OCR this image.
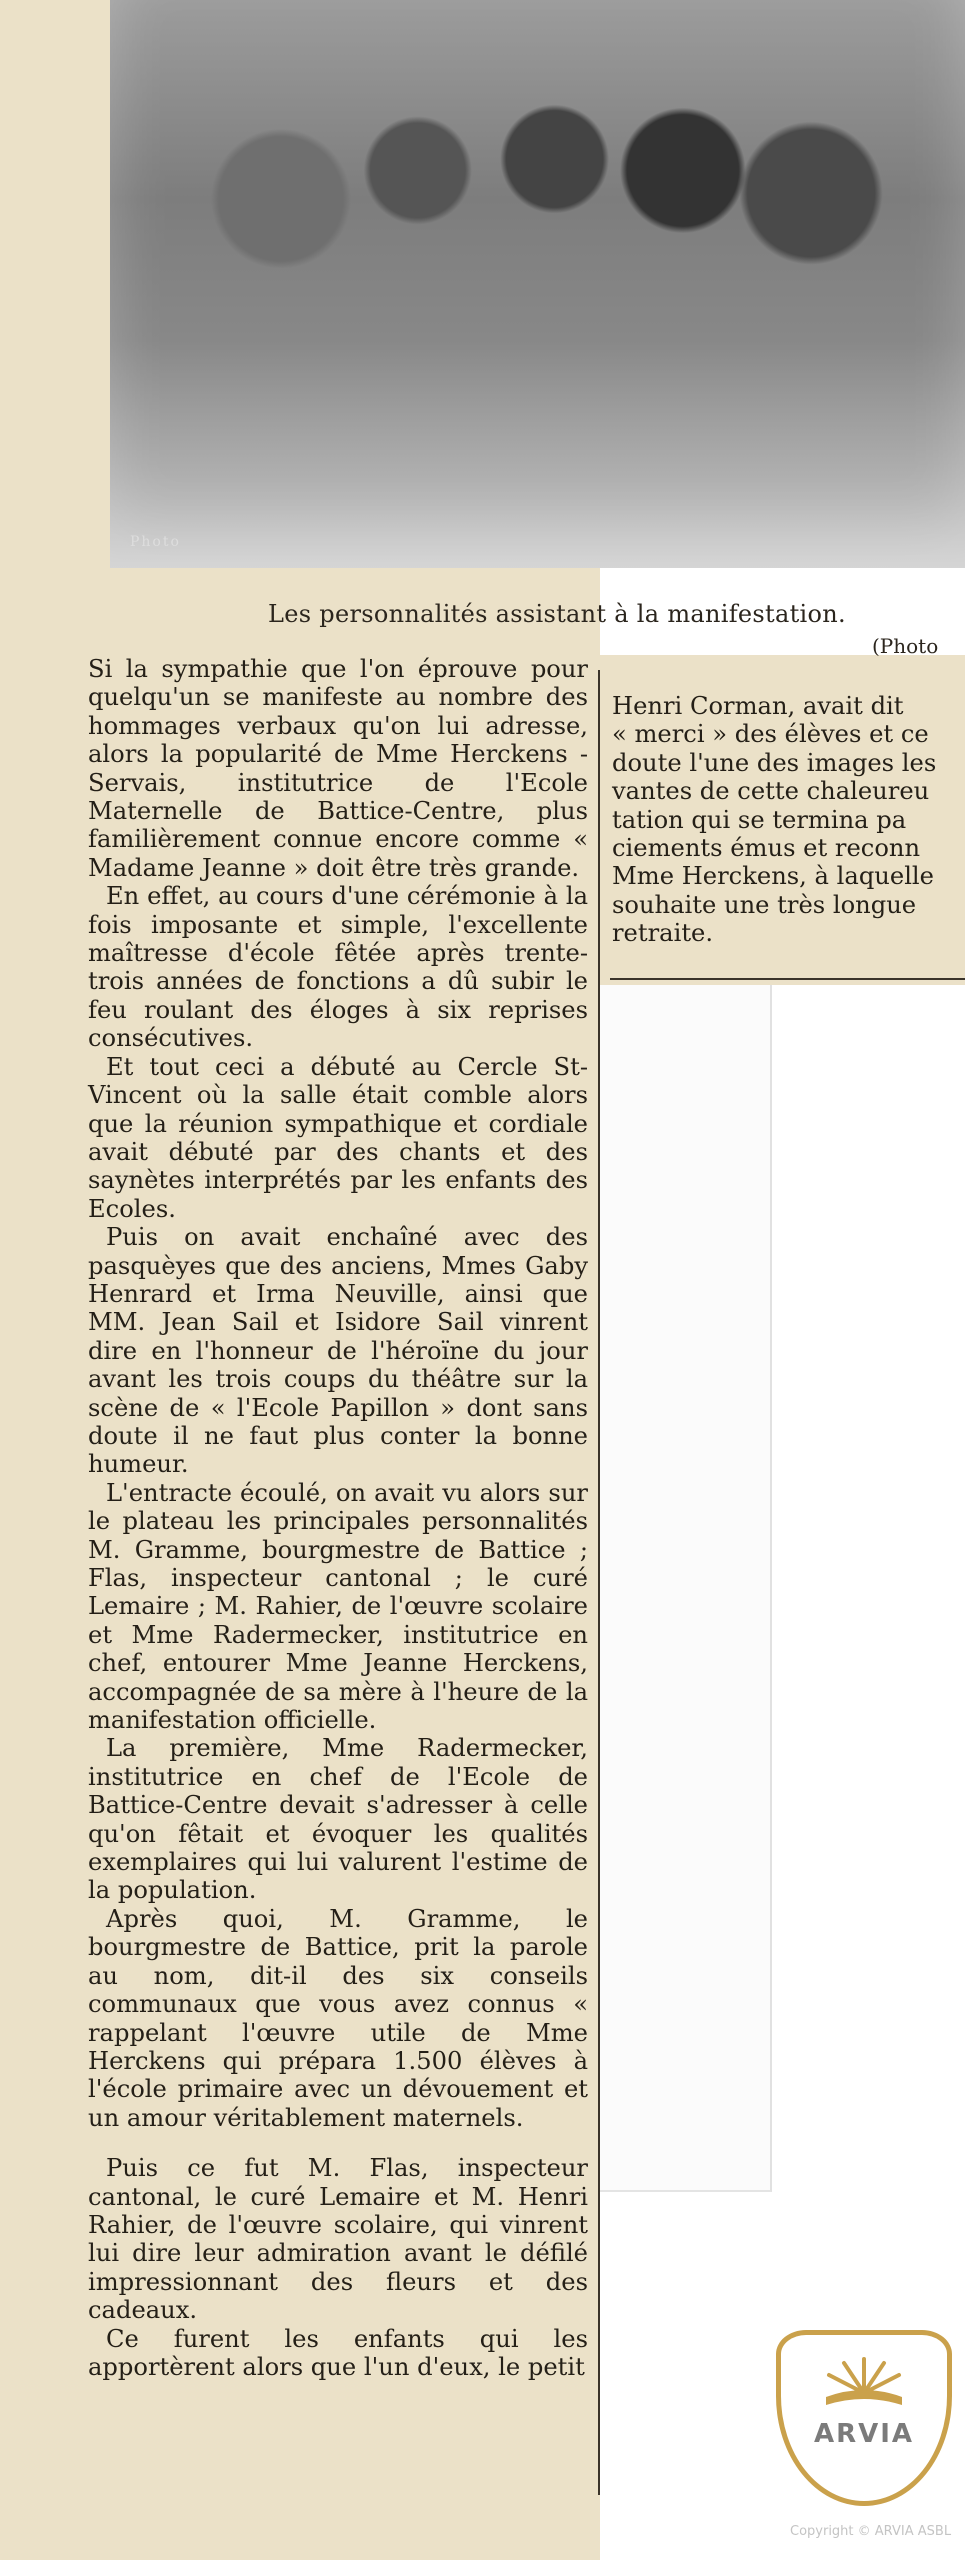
Photo
Les personnalités assistant à la manifestation.
(Photo

Si la sympathie que l'on éprouve pour quelqu'un se manifeste au nombre des hommages verbaux qu'on lui adresse, alors la popularité de Mme Herckens - Servais, institutrice de l'Ecole Maternelle de Battice-Centre, plus familièrement connue encore comme « Madame Jeanne » doit être très grande.

En effet, au cours d'une cérémonie à la fois imposante et simple, l'excellente maîtresse d'école fêtée après trente-trois années de fonctions a dû subir le feu roulant des éloges à six reprises consécutives.

Et tout ceci a débuté au Cercle St-Vincent où la salle était comble alors que la réunion sympathique et cordiale avait débuté par des chants et des saynètes interprétés par les enfants des Ecoles.

Puis on avait enchaîné avec des pasquèyes que des anciens, Mmes Gaby Henrard et Irma Neuville, ainsi que MM. Jean Sail et Isidore Sail vinrent dire en l'honneur de l'héroïne du jour avant les trois coups du théâtre sur la scène de « l'Ecole Papillon » dont sans doute il ne faut plus conter la bonne humeur.

L'entracte écoulé, on avait vu alors sur le plateau les principales personnalités M. Gramme, bourgmestre de Battice ; Flas, inspecteur cantonal ; le curé Lemaire ; M. Rahier, de l'œuvre scolaire et Mme Radermecker, institutrice en chef, entourer Mme Jeanne Herckens, accompagnée de sa mère à l'heure de la manifestation officielle.

La première, Mme Radermecker, institutrice en chef de l'Ecole de Battice-Centre devait s'adresser à celle qu'on fêtait et évoquer les qualités exemplaires qui lui valurent l'estime de la population.

Après quoi, M. Gramme, le bourgmestre de Battice, prit la parole au nom, dit-il des six conseils communaux que vous avez connus « rappelant l'œuvre utile de Mme Herckens qui prépara 1.500 élèves à l'école primaire avec un dévouement et un amour véritablement maternels.

Puis ce fut M. Flas, inspecteur cantonal, le curé Lemaire et M. Henri Rahier, de l'œuvre scolaire, qui vinrent lui dire leur admiration avant le défilé impressionnant des fleurs et des cadeaux.

Ce furent les enfants qui les apportèrent alors que l'un d'eux, le petit

Henri Corman, avait dit
« merci » des élèves et ce
doute l'une des images les
vantes de cette chaleureu
tation qui se termina pa
ciements émus et reconn
Mme Herckens, à laquelle
souhaite une très longue
retraite.
ARVIA
Copyright © ARVIA ASBL
